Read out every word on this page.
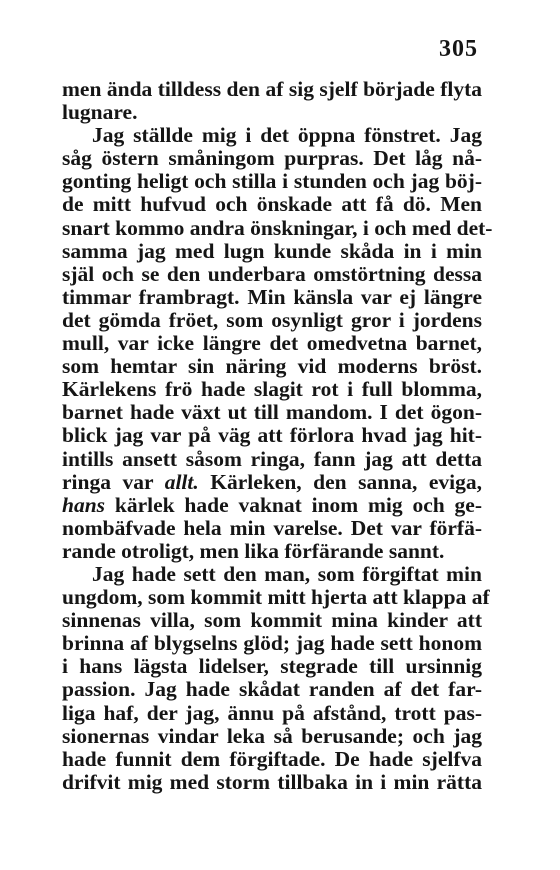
305
men ända tilldess den af sig sjelf började flyta
lugnare.
Jag ställde mig i det öppna fönstret. Jag
såg östern småningom purpras. Det låg nå-
gonting heligt och stilla i stunden och jag böj-
de mitt hufvud och önskade att få dö. Men
snart kommo andra önskningar, i och med det-
samma jag med lugn kunde skåda in i min
själ och se den underbara omstörtning dessa
timmar frambragt. Min känsla var ej längre
det gömda fröet, som osynligt gror i jordens
mull, var icke längre det omedvetna barnet,
som hemtar sin näring vid moderns bröst.
Kärlekens frö hade slagit rot i full blomma,
barnet hade växt ut till mandom. I det ögon-
blick jag var på väg att förlora hvad jag hit-
intills ansett såsom ringa, fann jag att detta
ringa var allt. Kärleken, den sanna, eviga,
hans kärlek hade vaknat inom mig och ge-
nombäfvade hela min varelse. Det var förfä-
rande otroligt, men lika förfärande sannt.
Jag hade sett den man, som förgiftat min
ungdom, som kommit mitt hjerta att klappa af
sinnenas villa, som kommit mina kinder att
brinna af blygselns glöd; jag hade sett honom
i hans lägsta lidelser, stegrade till ursinnig
passion. Jag hade skådat randen af det far-
liga haf, der jag, ännu på afstånd, trott pas-
sionernas vindar leka så berusande; och jag
hade funnit dem förgiftade. De hade sjelfva
drifvit mig med storm tillbaka in i min rätta
